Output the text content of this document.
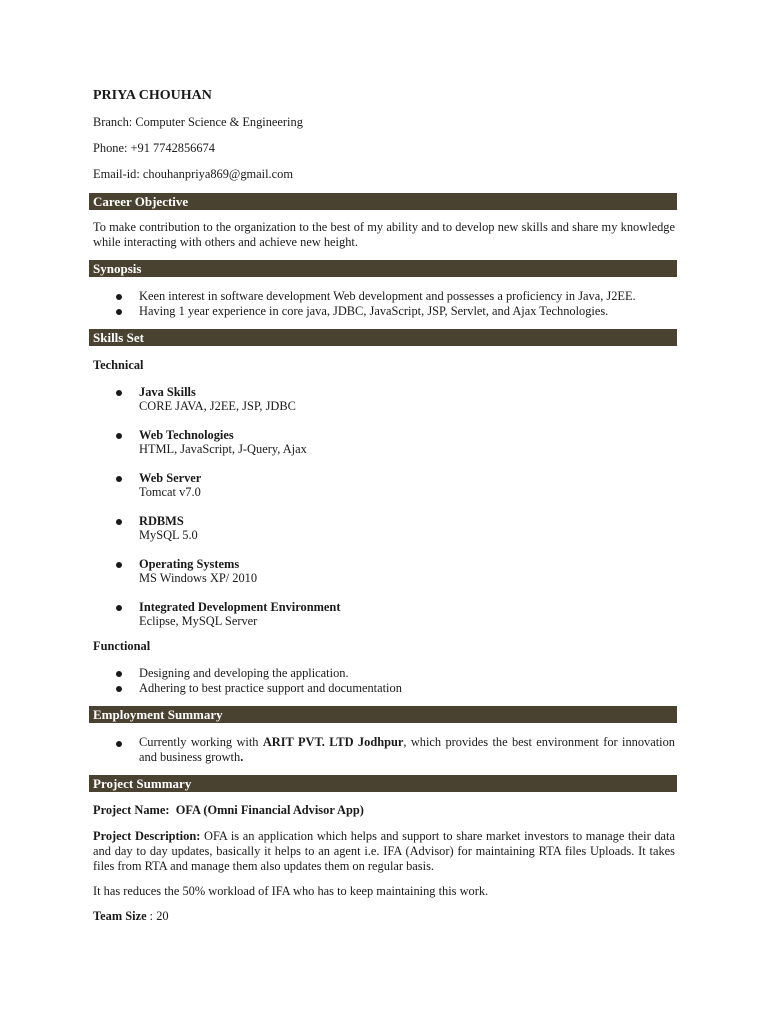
PRIYA CHOUHAN
Branch: Computer Science & Engineering
Phone: +91 7742856674
Email-id: chouhanpriya869@gmail.com
Career Objective
To make contribution to the organization to the best of my ability and to develop new skills and share my knowledge while interacting with others and achieve new height.
Synopsis
Keen interest in software development Web development and possesses a proficiency in Java, J2EE.
Having 1 year experience in core java, JDBC, JavaScript, JSP, Servlet, and Ajax Technologies.
Skills Set
Technical
Java Skills
CORE JAVA, J2EE, JSP, JDBC
Web Technologies
HTML, JavaScript, J-Query, Ajax
Web Server
Tomcat v7.0
RDBMS
MySQL 5.0
Operating Systems
MS Windows XP/ 2010
Integrated Development Environment
Eclipse, MySQL Server
Functional
Designing and developing the application.
Adhering to best practice support and documentation
Employment Summary
Currently working with ARIT PVT. LTD Jodhpur, which provides the best environment for innovation and business growth.
Project Summary
Project Name: OFA (Omni Financial Advisor App)
Project Description: OFA is an application which helps and support to share market investors to manage their data and day to day updates, basically it helps to an agent i.e. IFA (Advisor) for maintaining RTA files Uploads. It takes files from RTA and manage them also updates them on regular basis.
It has reduces the 50% workload of IFA who has to keep maintaining this work.
Team Size : 20
